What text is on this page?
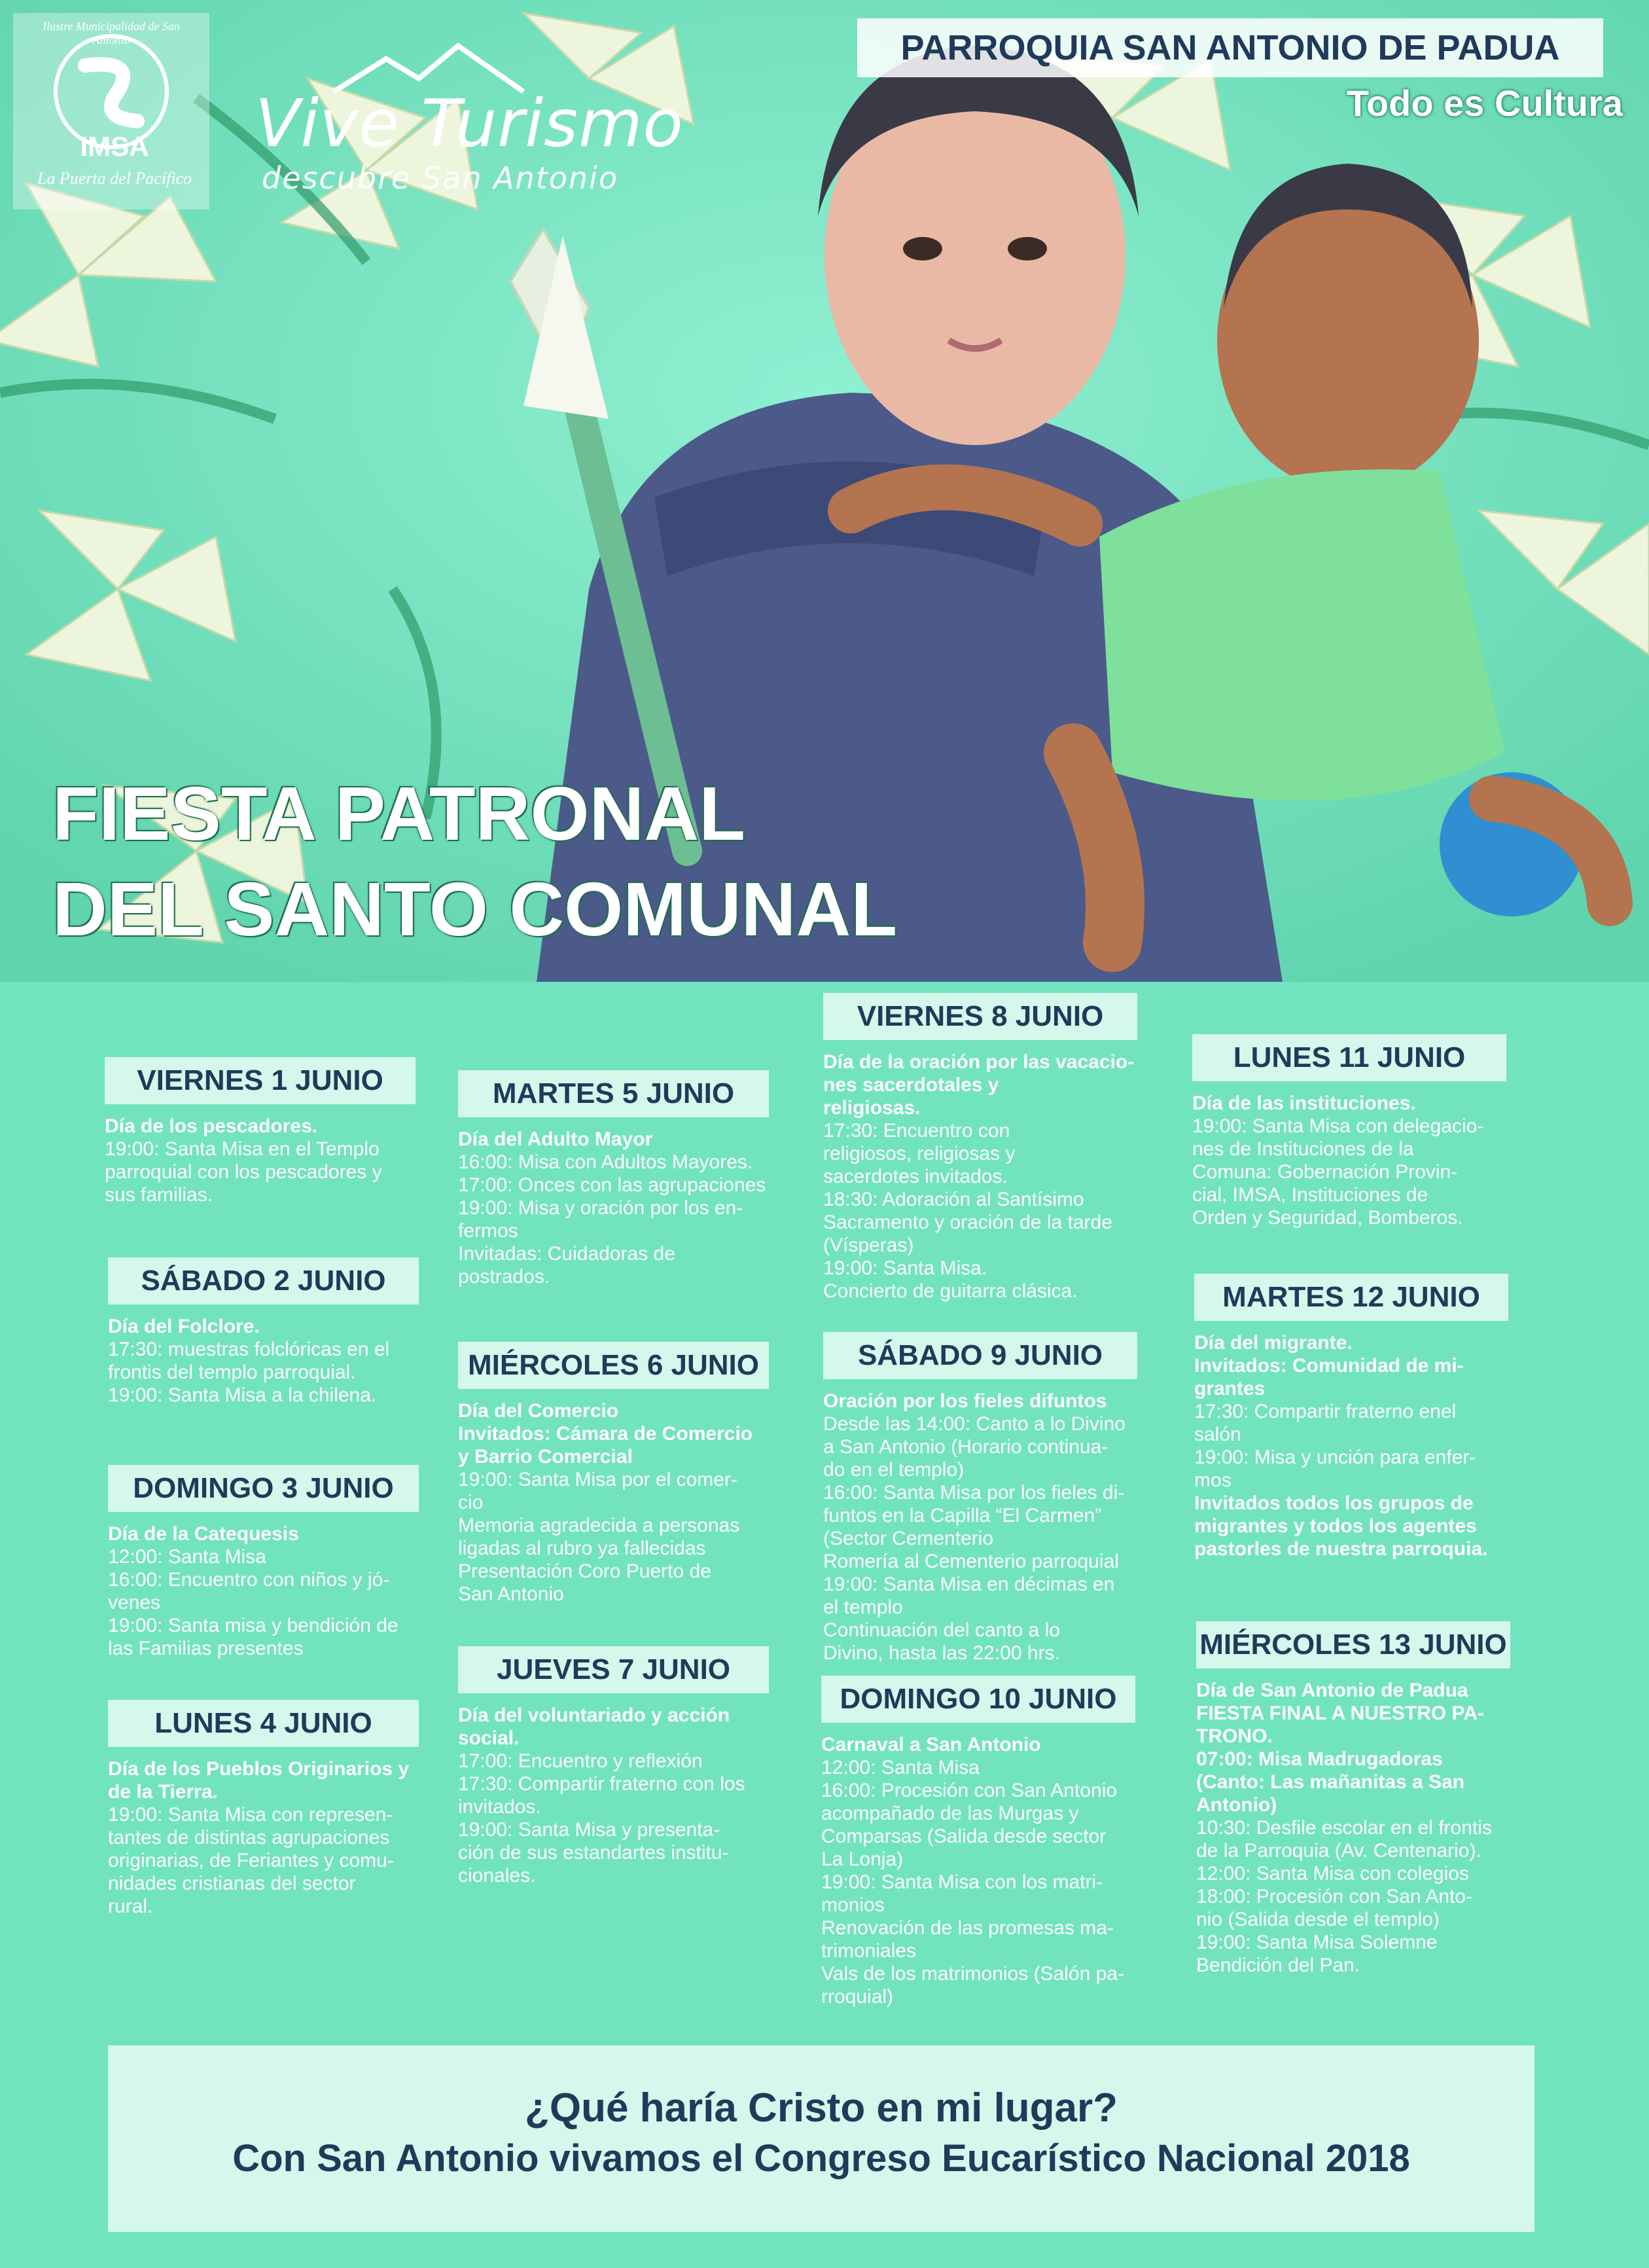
Ilustre Municipalidad de San Antonio
IMSA
La Puerta del Pacífico
Vive Turismo
descubre San Antonio
PARROQUIA SAN ANTONIO DE PADUA
Todo es Cultura
FIESTA PATRONAL
DEL SANTO COMUNAL
VIERNES 1 JUNIO
Día de los pescadores.
19:00: Santa Misa en el Templo
parroquial con los pescadores y
sus familias.
SÁBADO 2 JUNIO
Día del Folclore.
17:30: muestras folclóricas en el
frontis del templo parroquial.
19:00: Santa Misa a la chilena.
DOMINGO 3 JUNIO
Día de la Catequesis
12:00: Santa Misa
16:00: Encuentro con niños y jó-
venes
19:00: Santa misa y bendición de
las Familias presentes
LUNES 4 JUNIO
Día de los Pueblos Originarios y
de la Tierra.
19:00: Santa Misa con represen-
tantes de distintas agrupaciones
originarias, de Feriantes y comu-
nidades cristianas del sector
rural.
MARTES 5 JUNIO
Día del Adulto Mayor
16:00: Misa con Adultos Mayores.
17:00: Onces con las agrupaciones
19:00: Misa y oración por los en-
fermos
Invitadas: Cuidadoras de
postrados.
MIÉRCOLES 6 JUNIO
Día del Comercio
Invitados: Cámara de Comercio
y Barrio Comercial
19:00: Santa Misa por el comer-
cio
Memoria agradecida a personas
ligadas al rubro ya fallecidas
Presentación Coro Puerto de
San Antonio
JUEVES 7 JUNIO
Día del voluntariado y acción
social.
17:00: Encuentro y reflexión
17:30: Compartir fraterno con los
invitados.
19:00: Santa Misa y presenta-
ción de sus estandartes institu-
cionales.
VIERNES 8 JUNIO
Día de la oración por las vacacio-
nes sacerdotales y
religiosas.
17:30: Encuentro con
religiosos, religiosas y
sacerdotes invitados.
18:30: Adoración al Santísimo
Sacramento y oración de la tarde
(Vísperas)
19:00: Santa Misa.
Concierto de guitarra clásica.
SÁBADO 9 JUNIO
Oración por los fieles difuntos
Desde las 14:00: Canto a lo Divino
a San Antonio (Horario continua-
do en el templo)
16:00: Santa Misa por los fieles di-
funtos en la Capilla “El Carmen”
(Sector Cementerio
Romería al Cementerio parroquial
19:00: Santa Misa en décimas en
el templo
Continuación del canto a lo
Divino, hasta las 22:00 hrs.
DOMINGO 10 JUNIO
Carnaval a San Antonio
12:00: Santa Misa
16:00: Procesión con San Antonio
acompañado de las Murgas y
Comparsas (Salida desde sector
La Lonja)
19:00: Santa Misa con los matri-
monios
Renovación de las promesas ma-
trimoniales
Vals de los matrimonios (Salón pa-
rroquial)
LUNES 11 JUNIO
Día de las instituciones.
19:00: Santa Misa con delegacio-
nes de Instituciones de la
Comuna: Gobernación Provin-
cial, IMSA, Instituciones de
Orden y Seguridad, Bomberos.
MARTES 12 JUNIO
Día del migrante.
Invitados: Comunidad de mi-
grantes
17:30: Compartir fraterno enel
salón
19:00: Misa y unción para enfer-
mos
Invitados todos los grupos de
migrantes y todos los agentes
pastorles de nuestra parroquia.
MIÉRCOLES 13 JUNIO
Día de San Antonio de Padua
FIESTA FINAL A NUESTRO PA-
TRONO.
07:00: Misa Madrugadoras
(Canto: Las mañanitas a San
Antonio)
10:30: Desfile escolar en el frontis
de la Parroquia (Av. Centenario).
12:00: Santa Misa con colegios
18:00: Procesión con San Anto-
nio (Salida desde el templo)
19:00: Santa Misa Solemne
Bendición del Pan.
¿Qué haría Cristo en mi lugar?
Con San Antonio vivamos el Congreso Eucarístico Nacional 2018
